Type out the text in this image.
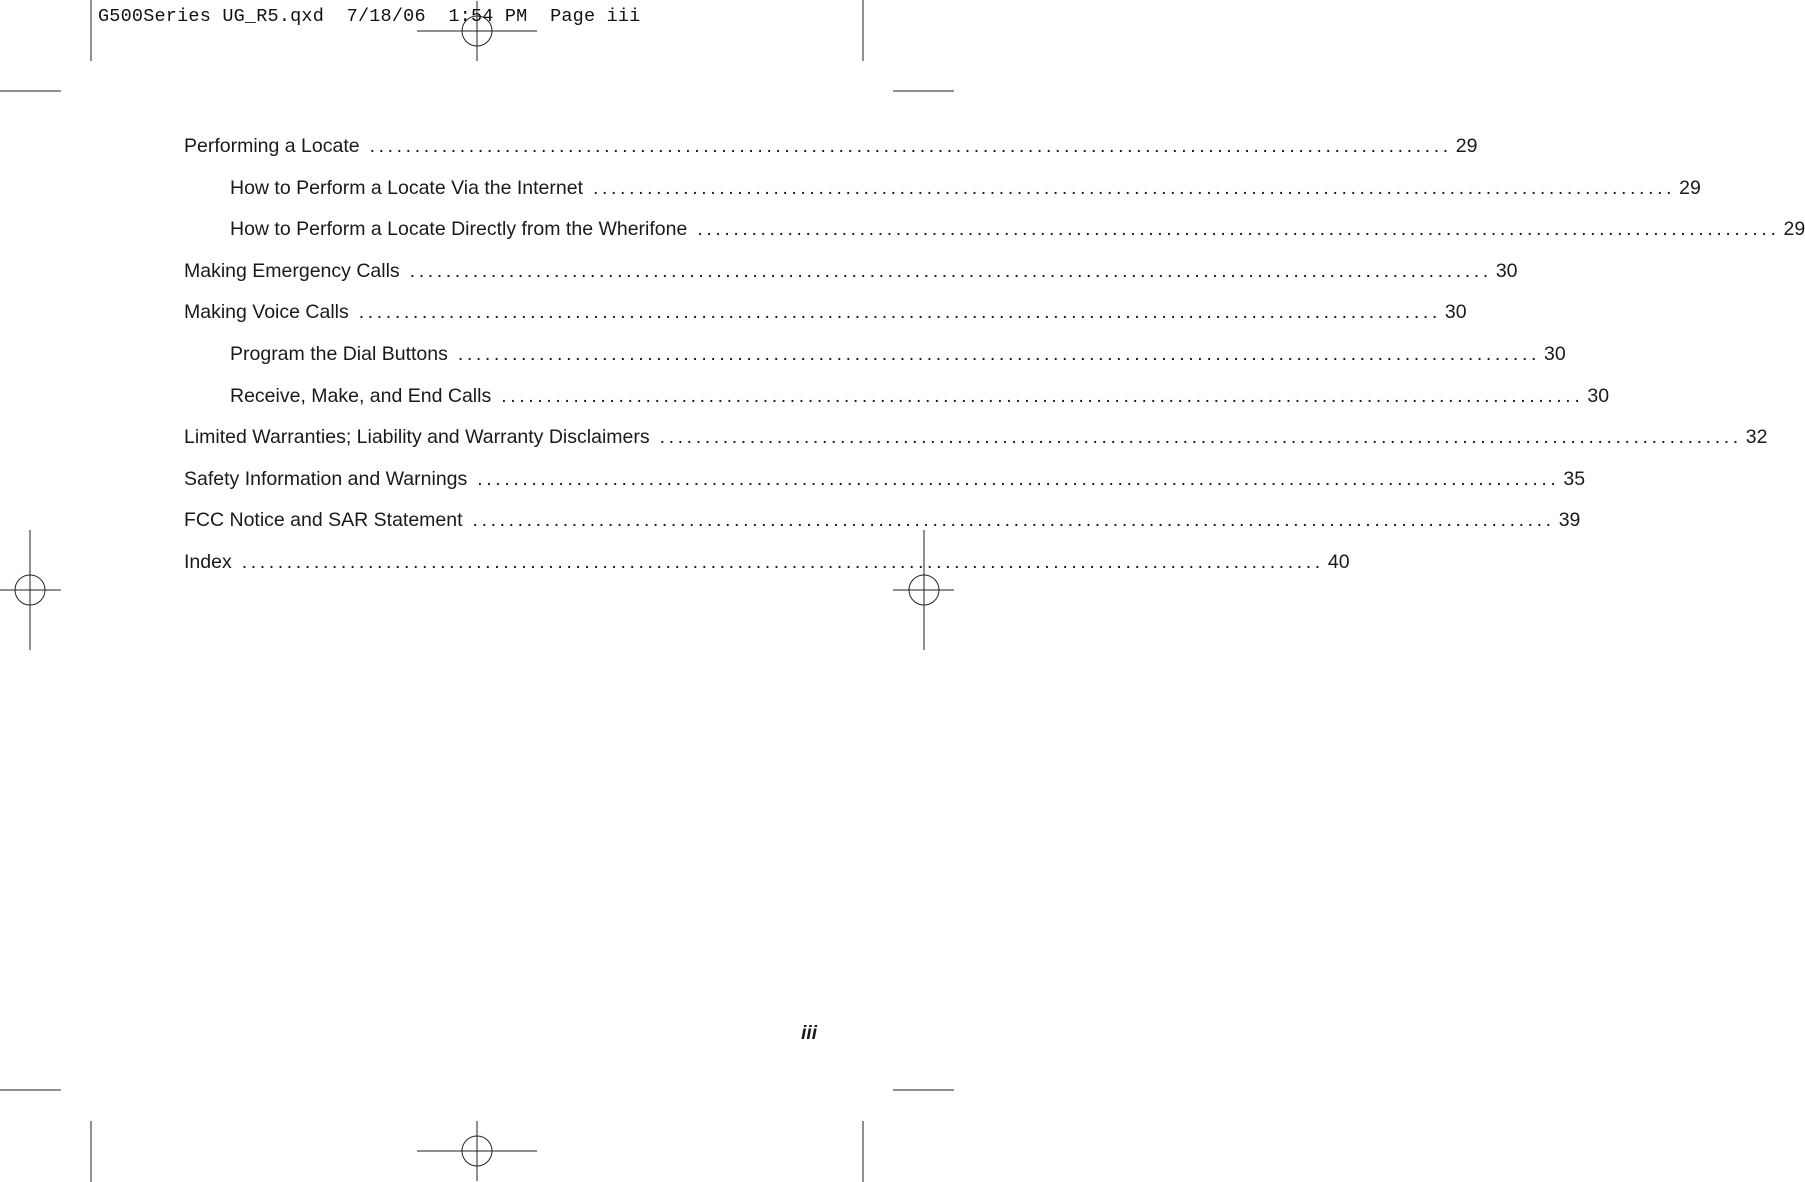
G500Series UG_R5.qxd  7/18/06  1:54 PM  Page iii
Performing a Locate ........................................................................................................................ 29
How to Perform a Locate Via the Internet ........................................................................................................................ 29
How to Perform a Locate Directly from the Wherifone ........................................................................................................................ 29
Making Emergency Calls ........................................................................................................................ 30
Making Voice Calls ........................................................................................................................ 30
Program the Dial Buttons ........................................................................................................................ 30
Receive, Make, and End Calls ........................................................................................................................ 30
Limited Warranties; Liability and Warranty Disclaimers ........................................................................................................................ 32
Safety Information and Warnings ........................................................................................................................ 35
FCC Notice and SAR Statement ........................................................................................................................ 39
Index ........................................................................................................................ 40
iii
